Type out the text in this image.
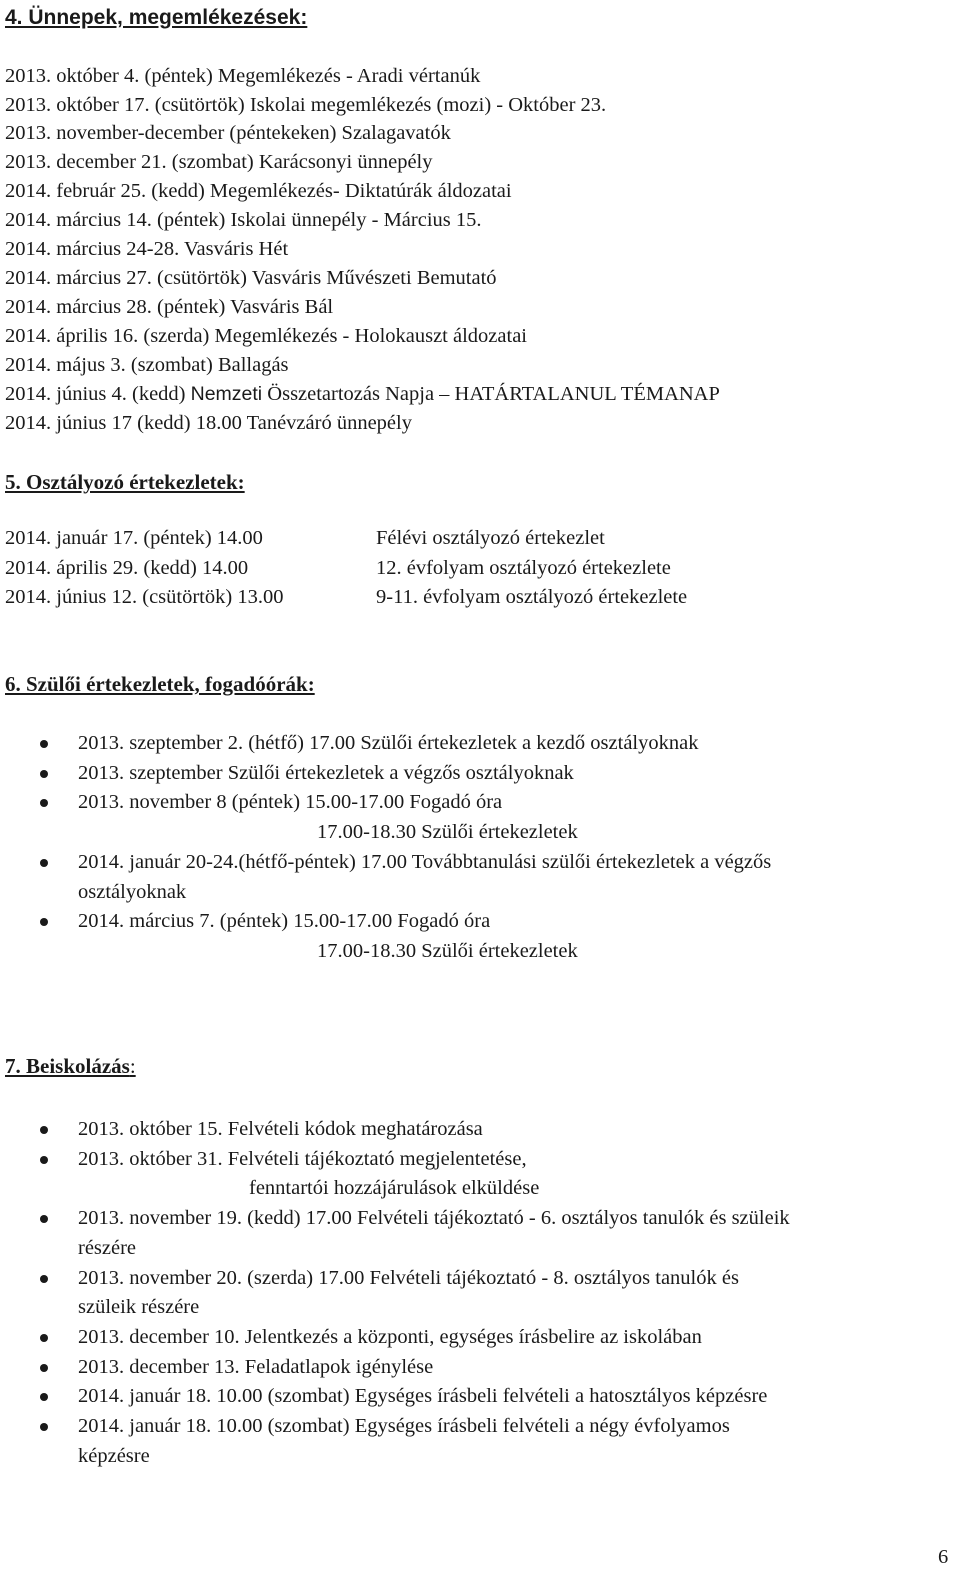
4. Ünnepek, megemlékezések:
2013. október 4. (péntek) Megemlékezés - Aradi vértanúk
2013. október 17. (csütörtök) Iskolai megemlékezés (mozi) - Október 23.
2013. november-december (péntekeken) Szalagavatók
2013. december 21. (szombat) Karácsonyi ünnepély
2014. február 25. (kedd) Megemlékezés- Diktatúrák áldozatai
2014. március 14. (péntek) Iskolai ünnepély - Március 15.
2014. március 24-28. Vasváris Hét
2014. március 27. (csütörtök) Vasváris Művészeti Bemutató
2014. március 28. (péntek) Vasváris Bál
2014. április 16. (szerda) Megemlékezés - Holokauszt áldozatai
2014. május 3. (szombat) Ballagás
2014. június 4. (kedd) Nemzeti Összetartozás Napja – HATÁRTALANUL TÉMANAP
2014. június 17 (kedd) 18.00 Tanévzáró ünnepély
5. Osztályozó értekezletek:
2014. január 17. (péntek) 14.00	Félévi osztályozó értekezlet
2014. április 29. (kedd) 14.00	12. évfolyam osztályozó értekezlete
2014. június 12. (csütörtök) 13.00	9-11. évfolyam osztályozó értekezlete
6. Szülői értekezletek, fogadóórák:
2013. szeptember 2. (hétfő) 17.00 Szülői értekezletek a kezdő osztályoknak
2013. szeptember Szülői értekezletek a végzős osztályoknak
2013. november 8 (péntek) 15.00-17.00 Fogadó óra
17.00-18.30 Szülői értekezletek
2014. január 20-24.(hétfő-péntek) 17.00 Továbbtanulási szülői értekezletek a végzős
osztályoknak
2014. március 7. (péntek) 15.00-17.00 Fogadó óra
17.00-18.30 Szülői értekezletek
7. Beiskolázás:
2013. október 15. Felvételi kódok meghatározása
2013. október 31. Felvételi tájékoztató megjelentetése,
fenntartói hozzájárulások elküldése
2013. november 19. (kedd) 17.00 Felvételi tájékoztató - 6. osztályos tanulók és szüleik
részére
2013. november 20. (szerda) 17.00 Felvételi tájékoztató - 8. osztályos tanulók és
szüleik részére
2013. december 10. Jelentkezés a központi, egységes írásbelire az iskolában
2013. december 13. Feladatlapok igénylése
2014. január 18. 10.00 (szombat) Egységes írásbeli felvételi a hatosztályos képzésre
2014. január 18. 10.00 (szombat) Egységes írásbeli felvételi a négy évfolyamos
képzésre
6
